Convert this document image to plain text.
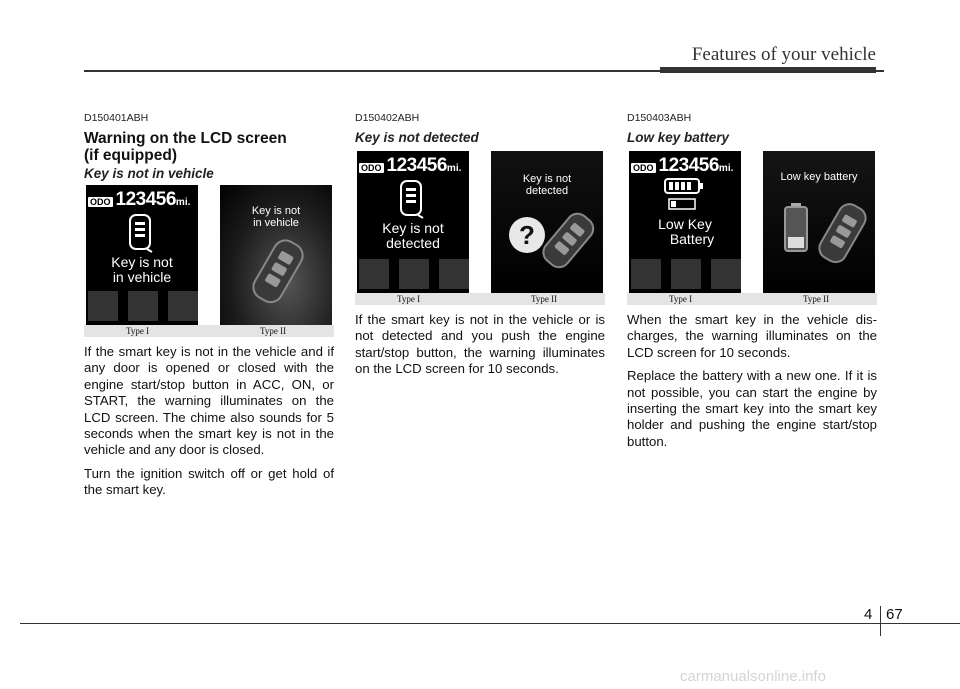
Features of your vehicle
D150401ABH
Warning on the LCD screen
(if equipped)
Key is not in vehicle
ODO 123456 mi.
Key is not
in vehicle
Key is not
in vehicle
Type I	Type II
If the smart key is not in the vehicle and if any door is opened or closed with the engine start/stop button in ACC, ON, or START, the warning illuminates on the LCD screen. The chime also sounds for 5 seconds when the smart key is not in the vehicle and any door is closed.
Turn the ignition switch off or get hold of the smart key.
D150402ABH
Key is not detected
ODO 123456 mi.
Key is not
detected
Key is not
detected
?
Type I	Type II
If the smart key is not in the vehicle or is not detected and you push the engine start/stop button, the warning illuminates on the LCD screen for 10 seconds.
D150403ABH
Low key battery
ODO 123456 mi.
Low Key
Battery
Low key battery
Type I	Type II
When the smart key in the vehicle dis-charges, the warning illuminates on the LCD screen for 10 seconds.
Replace the battery with a new one. If it is not possible, you can start the engine by inserting the smart key into the smart key holder and pushing the engine start/stop button.
4 67
carmanualsonline.info
